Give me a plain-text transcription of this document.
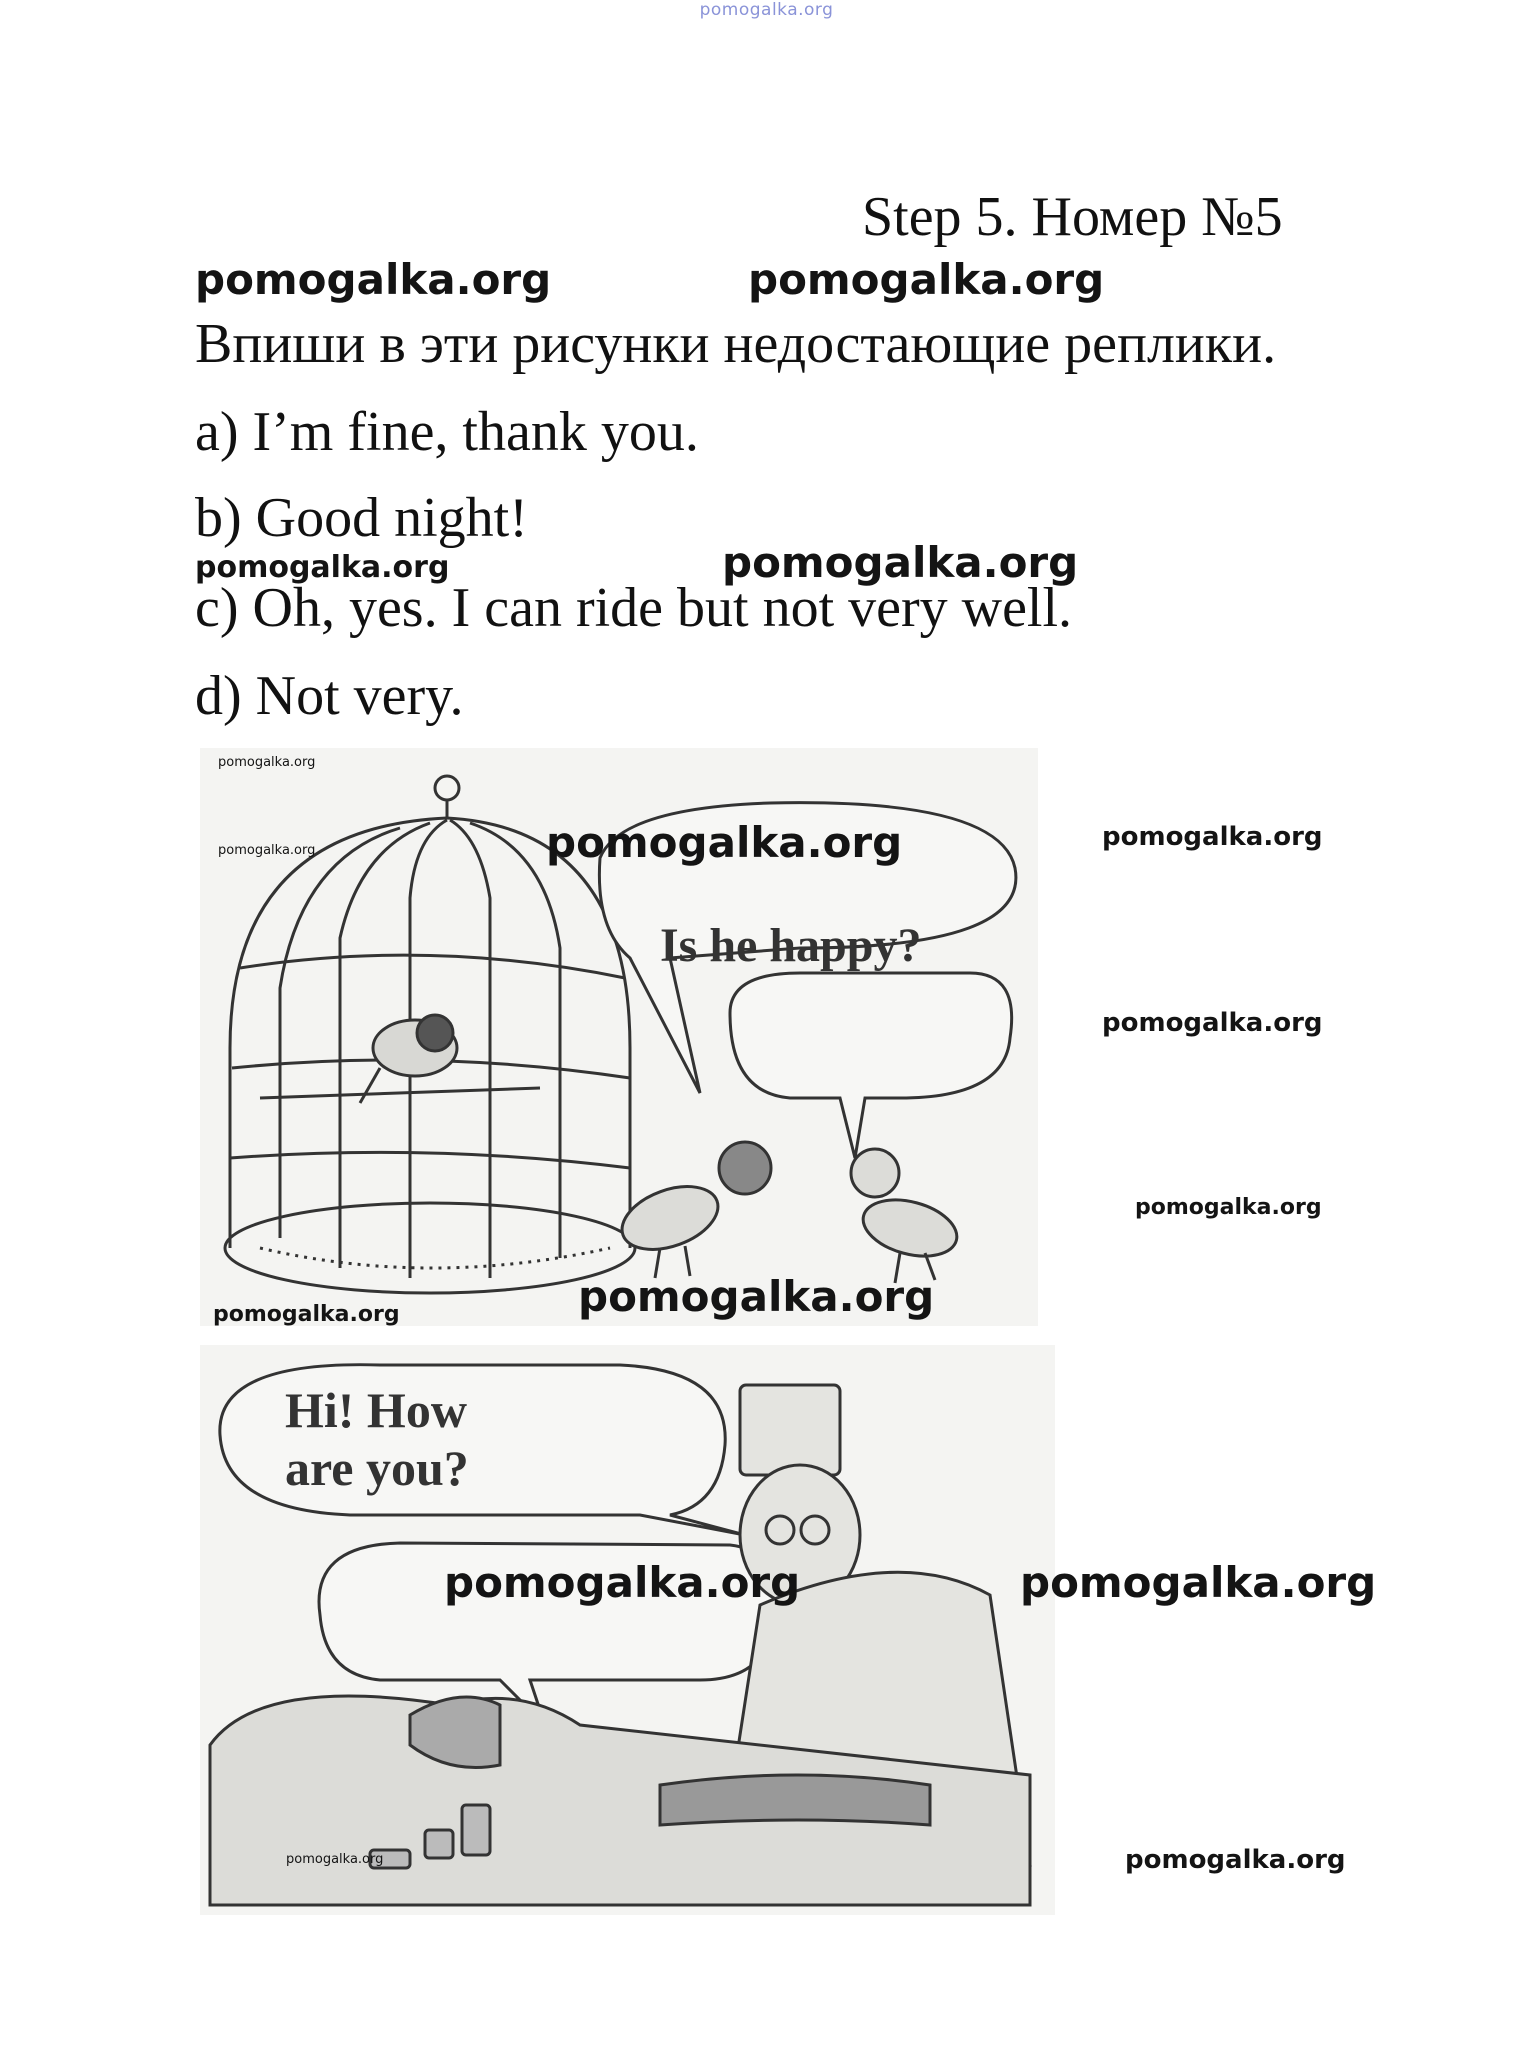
pomogalka.org
Step 5. Номер №5
pomogalka.org	pomogalka.org
Впиши в эти рисунки недостающие реплики.
a) I’m fine, thank you.
b) Good night!
pomogalka.org	pomogalka.org
c) Oh, yes. I can ride but not very well.
d) Not very.
Is he happy?
pomogalka.org
pomogalka.org	pomogalka.org	pomogalka.org
pomogalka.org
pomogalka.org
pomogalka.org	pomogalka.org
Hi! How
are you?
pomogalka.org	pomogalka.org
pomogalka.org	pomogalka.org
